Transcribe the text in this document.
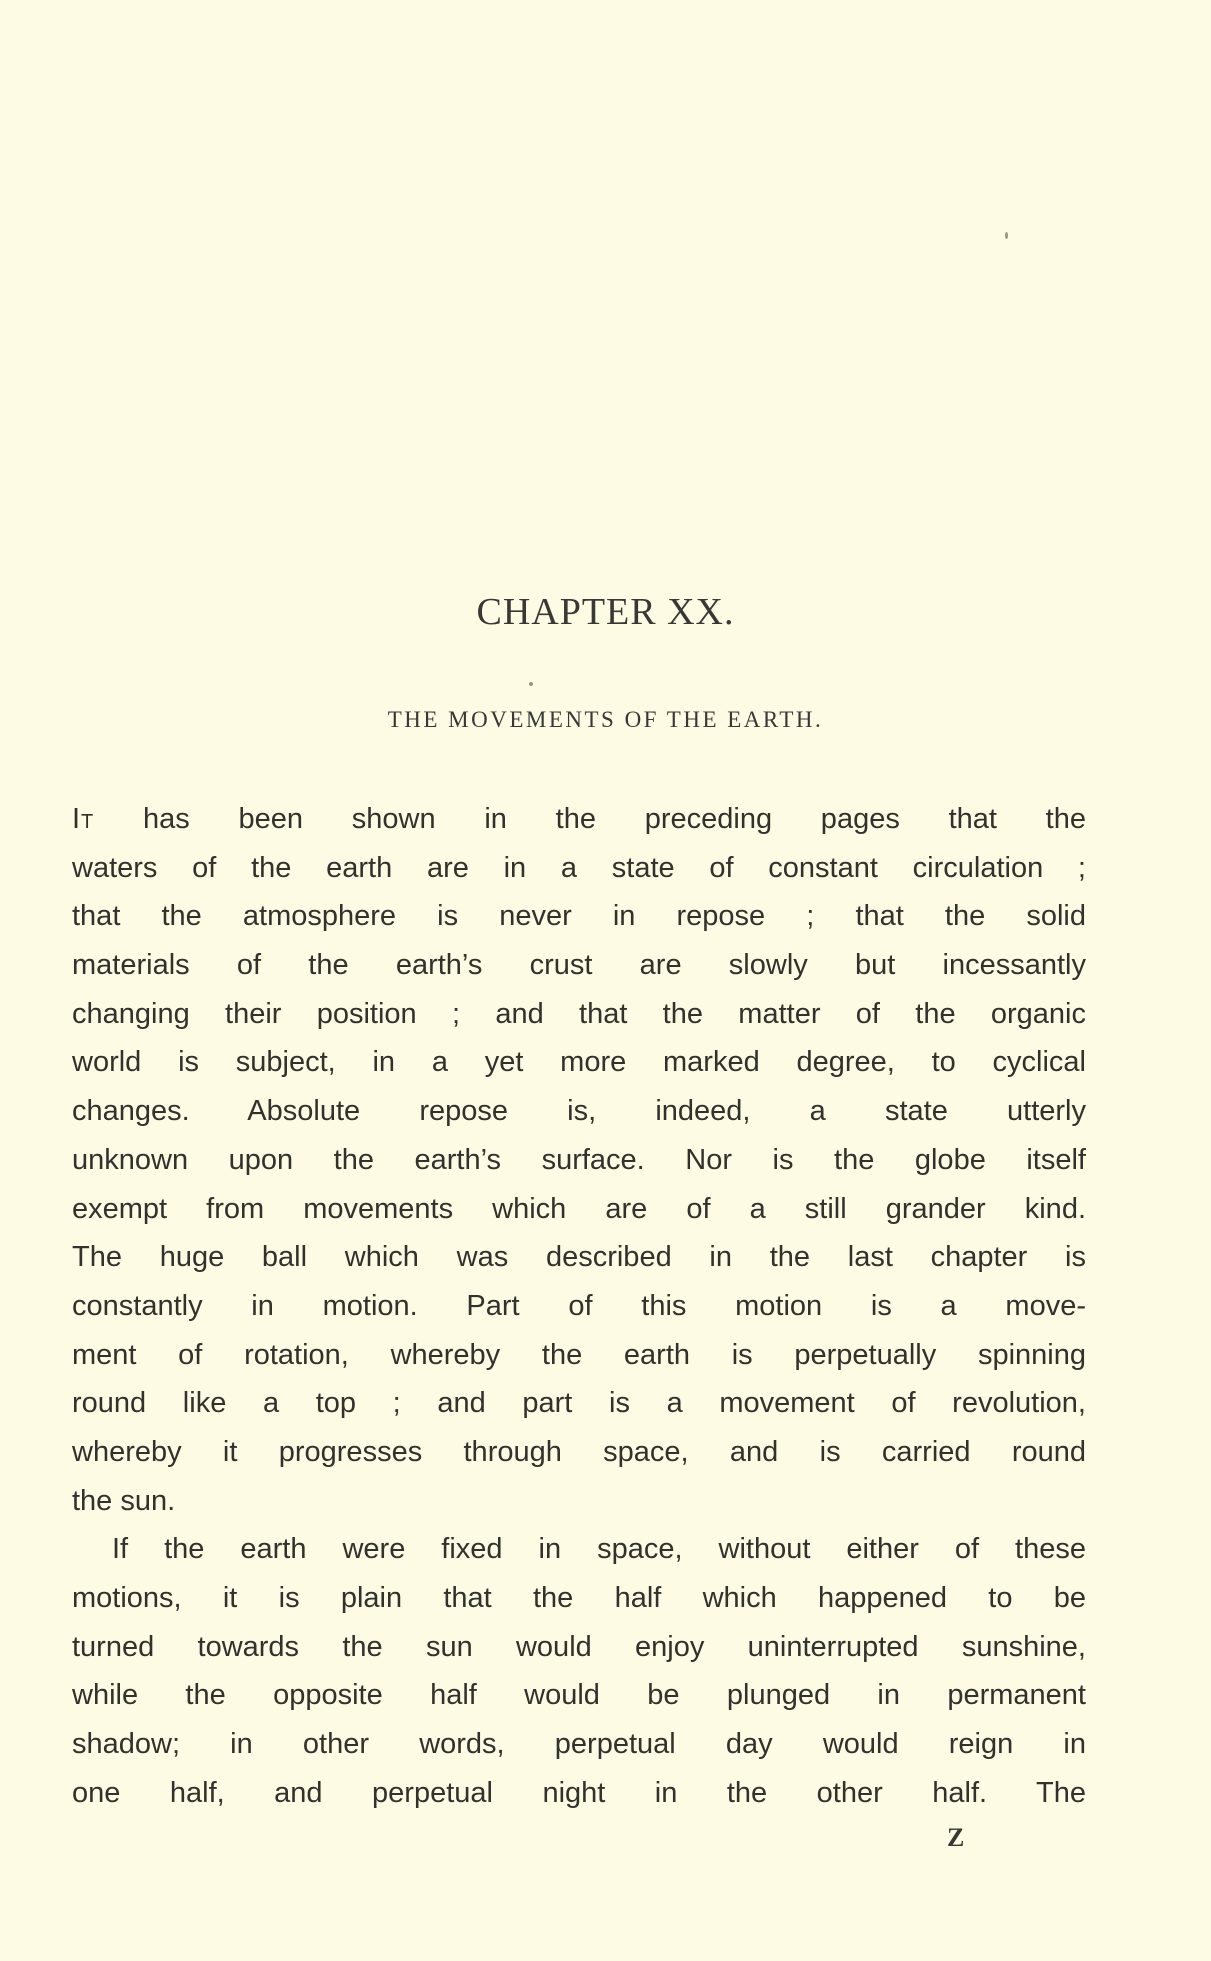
CHAPTER XX.
THE MOVEMENTS OF THE EARTH.
It has been shown in the preceding pages that the
waters of the earth are in a state of constant circulation ;
that the atmosphere is never in repose ; that the solid
materials of the earth’s crust are slowly but incessantly
changing their position ; and that the matter of the organic
world is subject, in a yet more marked degree, to cyclical
changes. Absolute repose is, indeed, a state utterly
unknown upon the earth’s surface. Nor is the globe itself
exempt from movements which are of a still grander kind.
The huge ball which was described in the last chapter is
constantly in motion. Part of this motion is a move-
ment of rotation, whereby the earth is perpetually spinning
round like a top ; and part is a movement of revolution,
whereby it progresses through space, and is carried round
the sun.
If the earth were fixed in space, without either of these
motions, it is plain that the half which happened to be
turned towards the sun would enjoy uninterrupted sunshine,
while the opposite half would be plunged in permanent
shadow; in other words, perpetual day would reign in
one half, and perpetual night in the other half. The
Z
